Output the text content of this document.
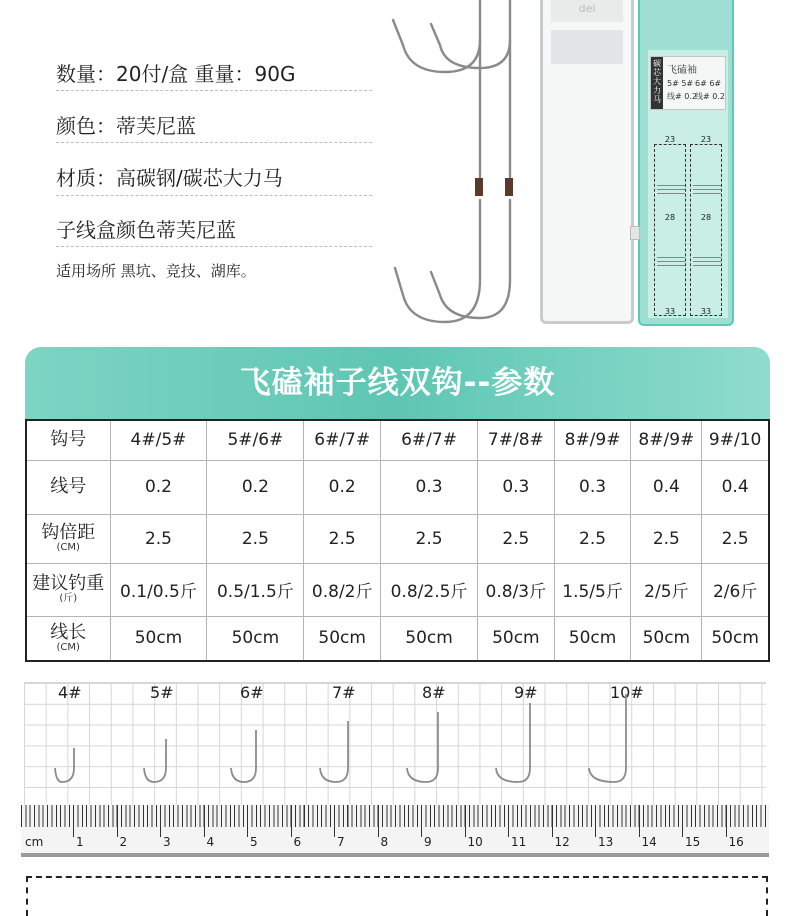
数量：20付/盒 重量：90G
颜色：蒂芙尼蓝
材质：高碳钢/碳芯大力马
子线盒颜色蒂芙尼蓝
适用场所 黑坑、竞技、湖库。
dei
碳芯大力马
飞磕袖
5# 5# 6# 6#
线# 0.2
线# 0.2
23
28
33
23
28
33
飞磕袖子线双钩--参数
钩号	4#/5#	5#/6#	6#/7#	6#/7#	7#/8#	8#/9#	8#/9#	9#/10
线号	0.2	0.2	0.2	0.3	0.3	0.3	0.4	0.4
钩倍距
(CM)	2.5	2.5	2.5	2.5	2.5	2.5	2.5	2.5
建议钓重
(斤)	0.1/0.5斤	0.5/1.5斤	0.8/2斤	0.8/2.5斤	0.8/3斤	1.5/5斤	2/5斤	2/6斤
线长
(CM)	50cm	50cm	50cm	50cm	50cm	50cm	50cm	50cm
4#	5#	6#	7#	8#	9#	10#
cm	1	2	3	4	5	6	7	8	9	10 11 12 13 14 15 16
